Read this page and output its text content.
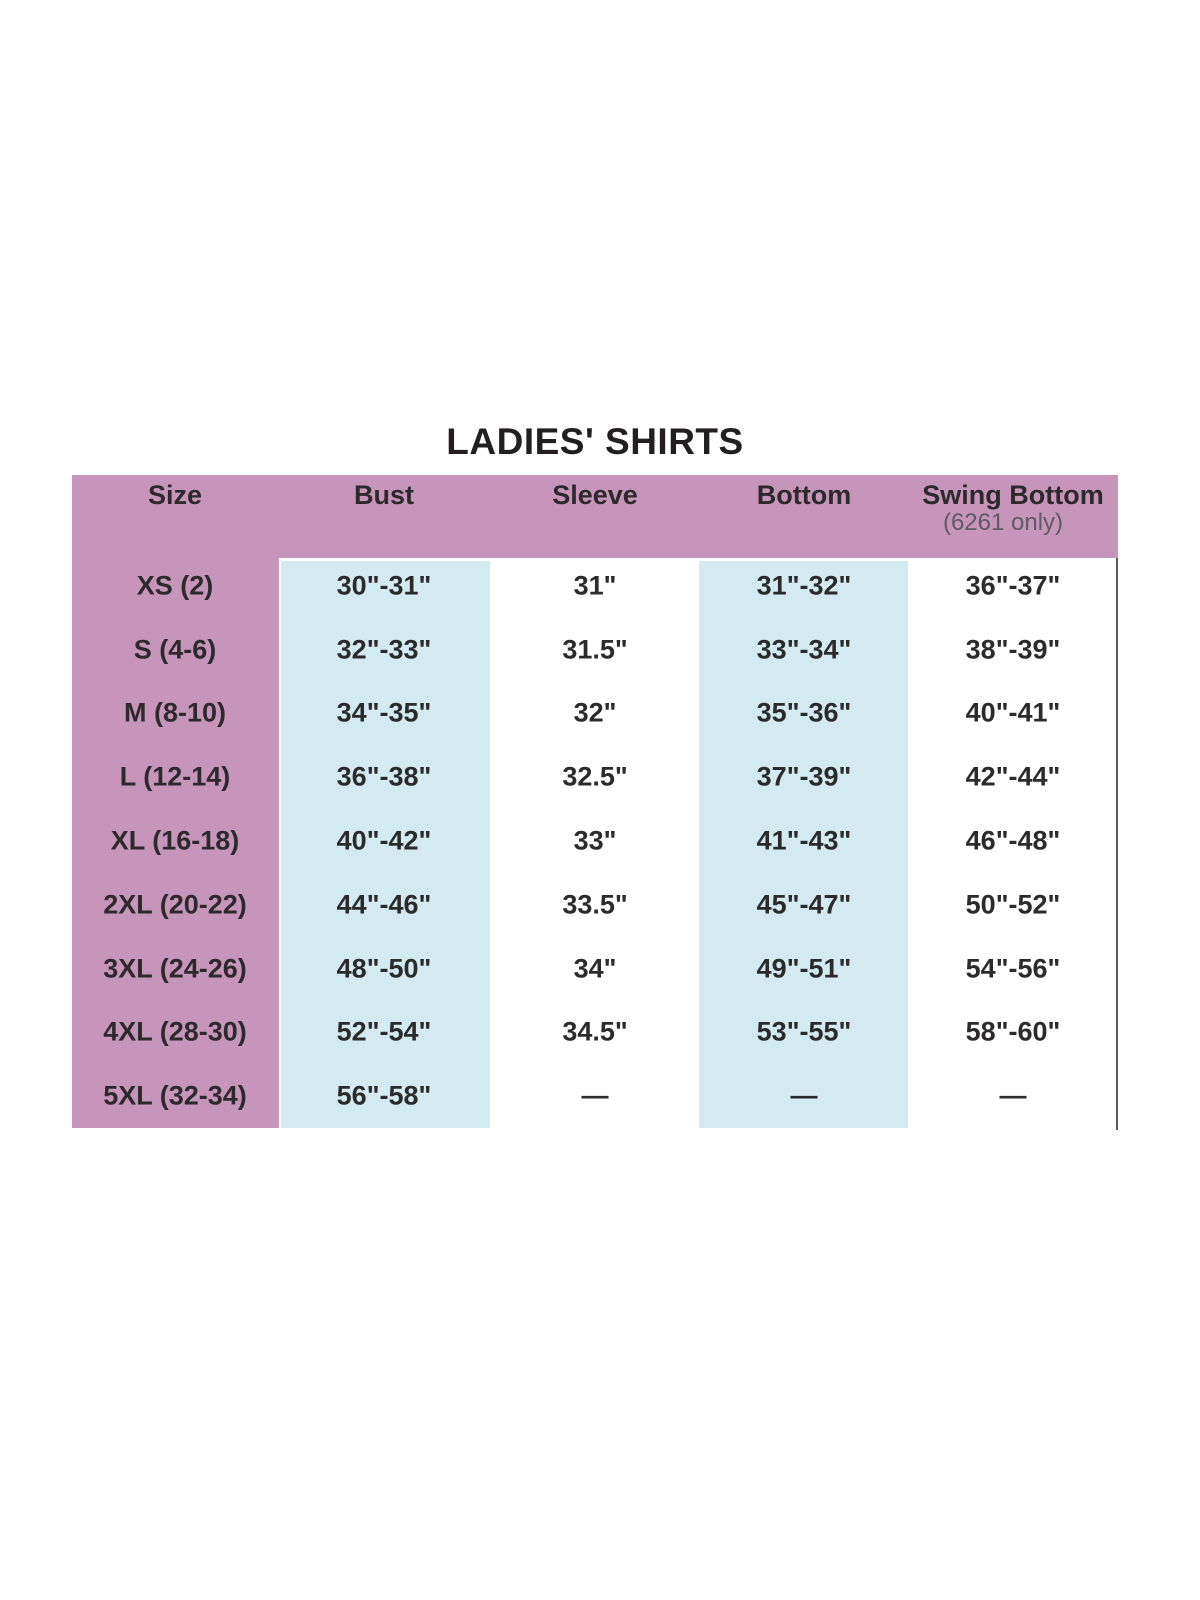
LADIES' SHIRTS
Size	Bust	Sleeve	Bottom	Swing Bottom
(6261 only)
XS (2)	30"-31"	31"	31"-32"	36"-37"
S (4-6)	32"-33"	31.5"	33"-34"	38"-39"
M (8-10)	34"-35"	32"	35"-36"	40"-41"
L (12-14)	36"-38"	32.5"	37"-39"	42"-44"
XL (16-18)	40"-42"	33"	41"-43"	46"-48"
2XL (20-22)	44"-46"	33.5"	45"-47"	50"-52"
3XL (24-26)	48"-50"	34"	49"-51"	54"-56"
4XL (28-30)	52"-54"	34.5"	53"-55"	58"-60"
5XL (32-34)	56"-58"	—	—	—
